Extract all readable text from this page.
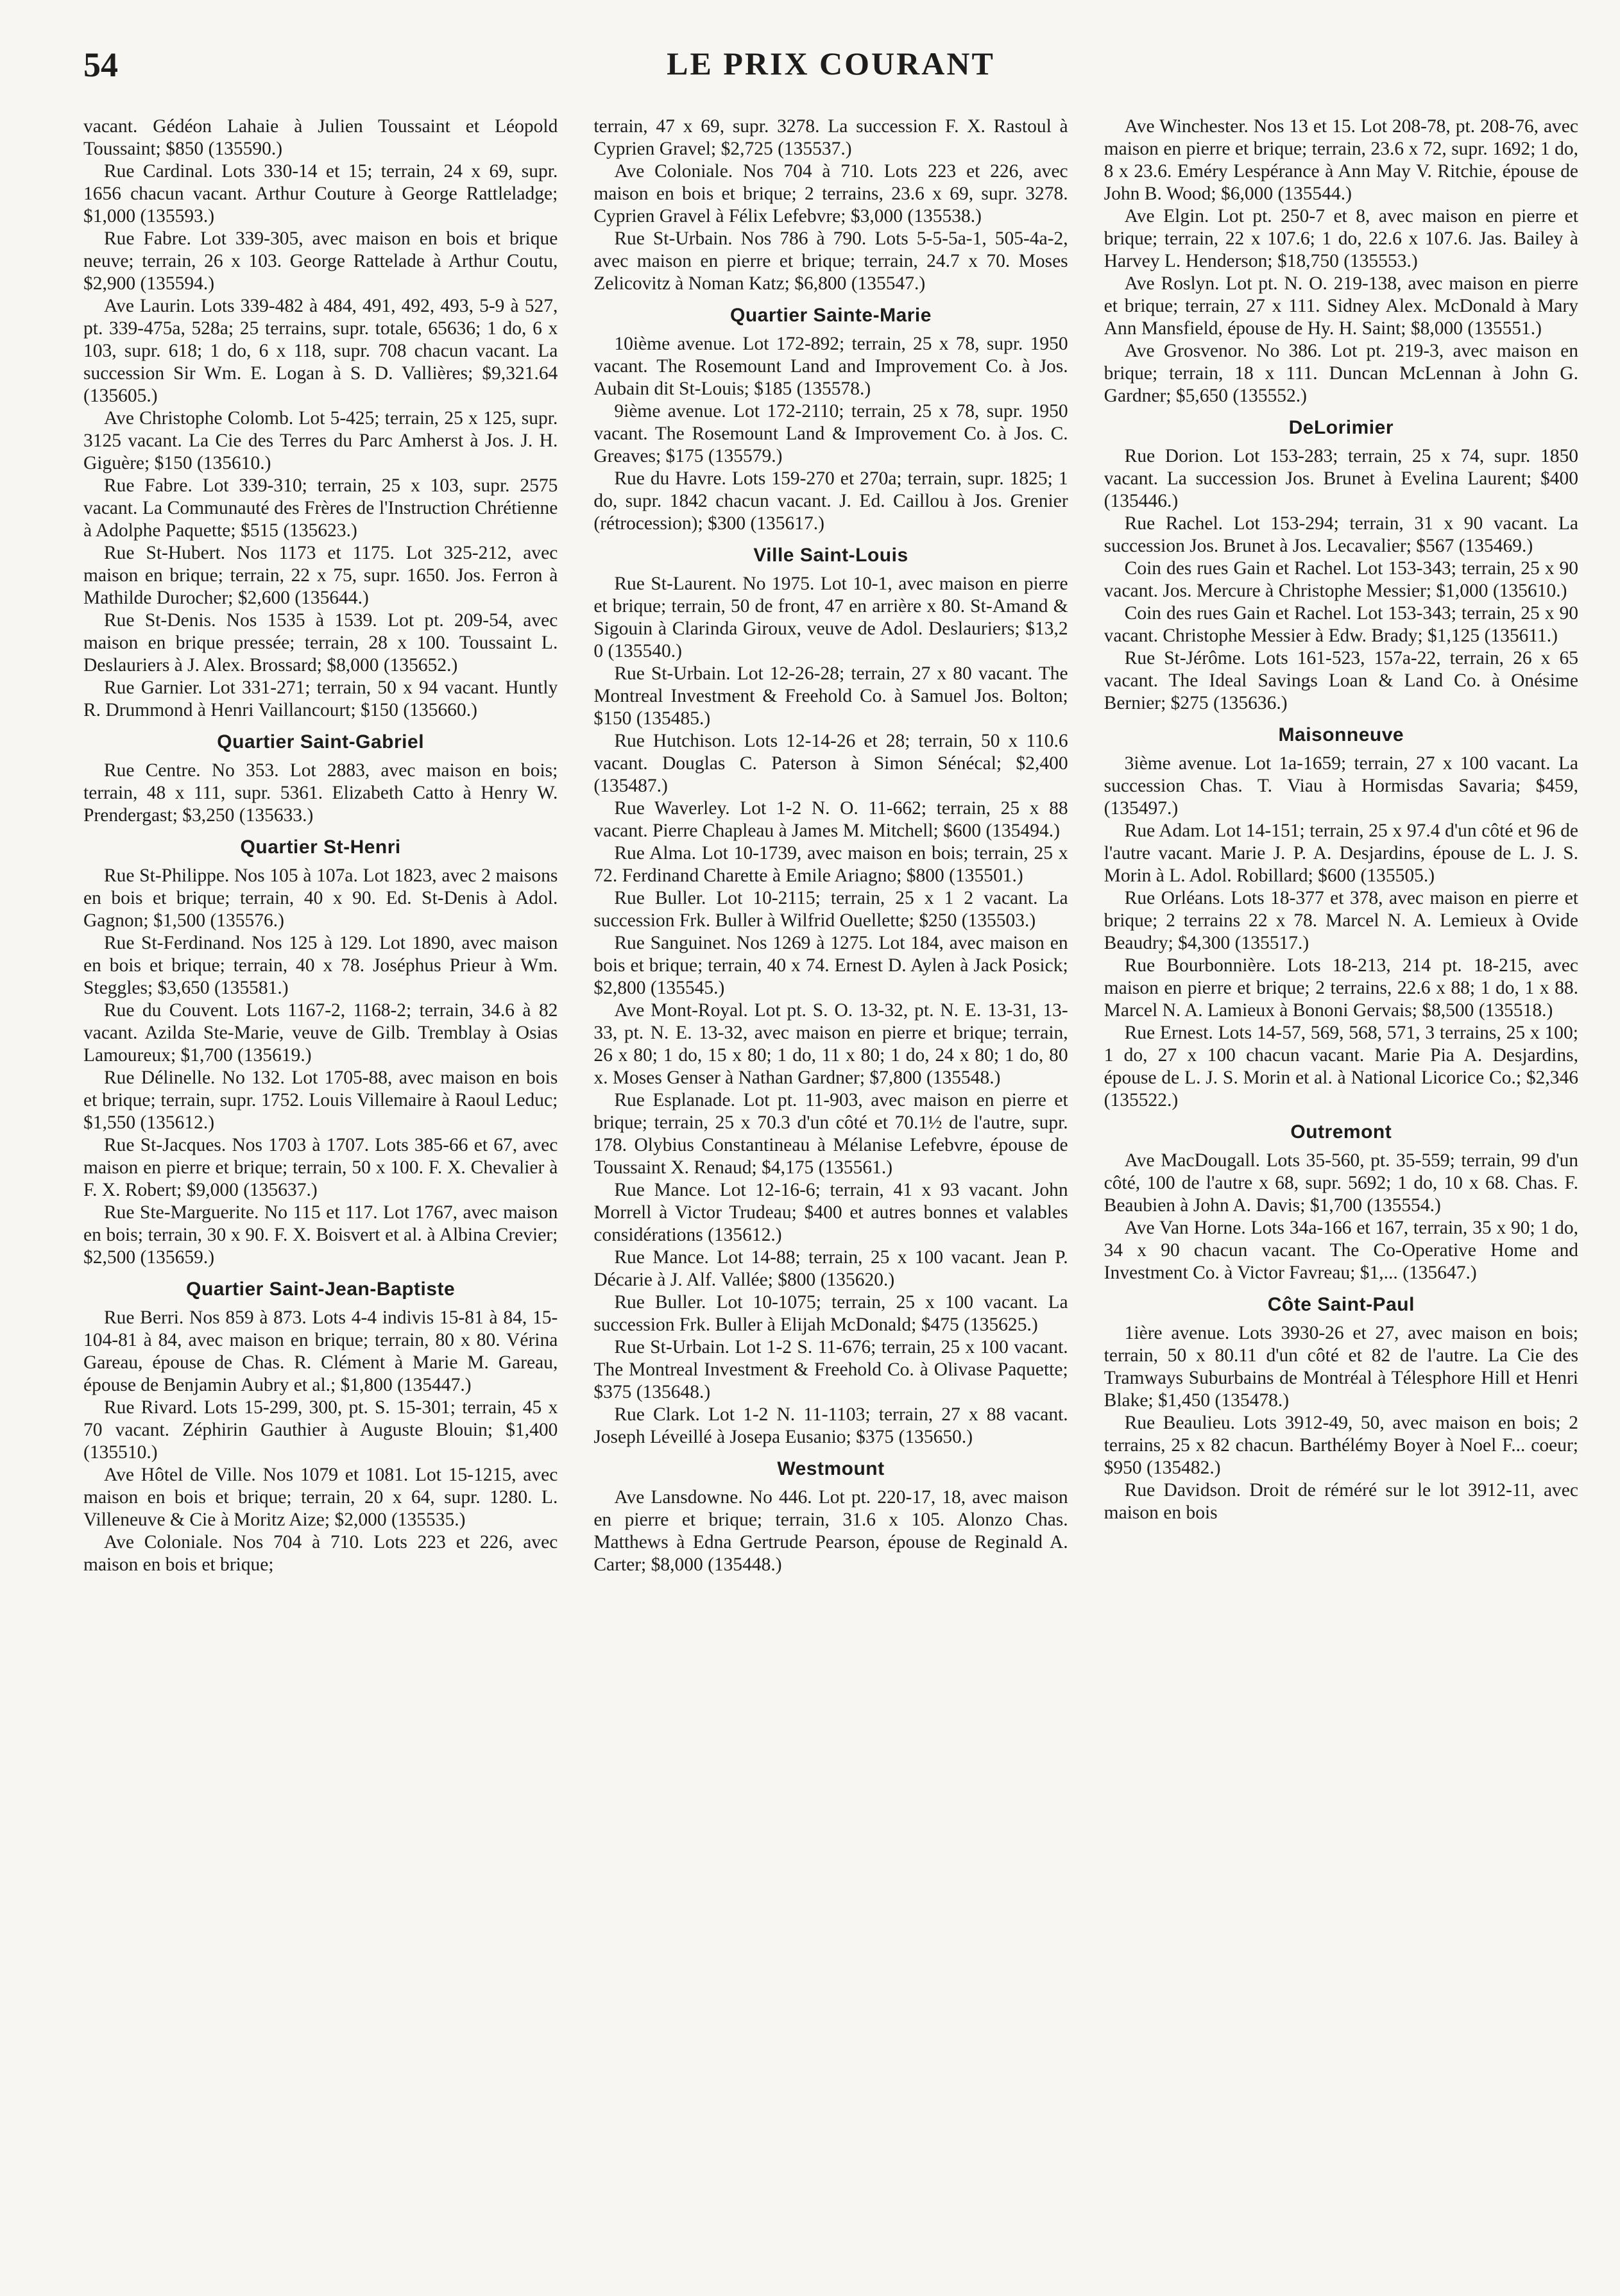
54	LE PRIX COURANT

vacant. Gédéon Lahaie à Julien Toussaint et Léopold Toussaint; $850 (135590.)

Rue Cardinal. Lots 330-14 et 15; terrain, 24 x 69, supr. 1656 chacun vacant. Arthur Couture à George Rattleladge; $1,000 (135593.)

Rue Fabre. Lot 339-305, avec maison en bois et brique neuve; terrain, 26 x 103. George Rattelade à Arthur Coutu, $2,900 (135594.)

Ave Laurin. Lots 339-482 à 484, 491, 492, 493, 5-9 à 527, pt. 339-475a, 528a; 25 terrains, supr. totale, 65636; 1 do, 6 x 103, supr. 618; 1 do, 6 x 118, supr. 708 chacun vacant. La succession Sir Wm. E. Logan à S. D. Vallières; $9,321.64 (135605.)

Ave Christophe Colomb. Lot 5-425; terrain, 25 x 125, supr. 3125 vacant. La Cie des Terres du Parc Amherst à Jos. J. H. Giguère; $150 (135610.)

Rue Fabre. Lot 339-310; terrain, 25 x 103, supr. 2575 vacant. La Communauté des Frères de l'Instruction Chrétienne à Adolphe Paquette; $515 (135623.)

Rue St-Hubert. Nos 1173 et 1175. Lot 325-212, avec maison en brique; terrain, 22 x 75, supr. 1650. Jos. Ferron à Mathilde Durocher; $2,600 (135644.)

Rue St-Denis. Nos 1535 à 1539. Lot pt. 209-54, avec maison en brique pressée; terrain, 28 x 100. Toussaint L. Deslauriers à J. Alex. Brossard; $8,000 (135652.)

Rue Garnier. Lot 331-271; terrain, 50 x 94 vacant. Huntly R. Drummond à Henri Vaillancourt; $150 (135660.)

Quartier Saint-Gabriel

Rue Centre. No 353. Lot 2883, avec maison en bois; terrain, 48 x 111, supr. 5361. Elizabeth Catto à Henry W. Prendergast; $3,250 (135633.)

Quartier St-Henri

Rue St-Philippe. Nos 105 à 107a. Lot 1823, avec 2 maisons en bois et brique; terrain, 40 x 90. Ed. St-Denis à Adol. Gagnon; $1,500 (135576.)

Rue St-Ferdinand. Nos 125 à 129. Lot 1890, avec maison en bois et brique; terrain, 40 x 78. Joséphus Prieur à Wm. Steggles; $3,650 (135581.)

Rue du Couvent. Lots 1167-2, 1168-2; terrain, 34.6 à 82 vacant. Azilda Ste-Marie, veuve de Gilb. Tremblay à Osias Lamoureux; $1,700 (135619.)

Rue Délinelle. No 132. Lot 1705-88, avec maison en bois et brique; terrain, supr. 1752. Louis Villemaire à Raoul Leduc; $1,550 (135612.)

Rue St-Jacques. Nos 1703 à 1707. Lots 385-66 et 67, avec maison en pierre et brique; terrain, 50 x 100. F. X. Chevalier à F. X. Robert; $9,000 (135637.)

Rue Ste-Marguerite. No 115 et 117. Lot 1767, avec maison en bois; terrain, 30 x 90. F. X. Boisvert et al. à Albina Crevier; $2,500 (135659.)

Quartier Saint-Jean-Baptiste

Rue Berri. Nos 859 à 873. Lots 4-4 indivis 15-81 à 84, 15-104-81 à 84, avec maison en brique; terrain, 80 x 80. Vérina Gareau, épouse de Chas. R. Clément à Marie M. Gareau, épouse de Benjamin Aubry et al.; $1,800 (135447.)

Rue Rivard. Lots 15-299, 300, pt. S. 15-301; terrain, 45 x 70 vacant. Zéphirin Gauthier à Auguste Blouin; $1,400 (135510.)

Ave Hôtel de Ville. Nos 1079 et 1081. Lot 15-1215, avec maison en bois et brique; terrain, 20 x 64, supr. 1280. L. Villeneuve & Cie à Moritz Aize; $2,000 (135535.)

Ave Coloniale. Nos 704 à 710. Lots 223 et 226, avec maison en bois et brique;

terrain, 47 x 69, supr. 3278. La succession F. X. Rastoul à Cyprien Gravel; $2,725 (135537.)

Ave Coloniale. Nos 704 à 710. Lots 223 et 226, avec maison en bois et brique; 2 terrains, 23.6 x 69, supr. 3278. Cyprien Gravel à Félix Lefebvre; $3,000 (135538.)

Rue St-Urbain. Nos 786 à 790. Lots 5-5-5a-1, 505-4a-2, avec maison en pierre et brique; terrain, 24.7 x 70. Moses Zelicovitz à Noman Katz; $6,800 (135547.)

Quartier Sainte-Marie

10ième avenue. Lot 172-892; terrain, 25 x 78, supr. 1950 vacant. The Rosemount Land and Improvement Co. à Jos. Aubain dit St-Louis; $185 (135578.)

9ième avenue. Lot 172-2110; terrain, 25 x 78, supr. 1950 vacant. The Rosemount Land & Improvement Co. à Jos. C. Greaves; $175 (135579.)

Rue du Havre. Lots 159-270 et 270a; terrain, supr. 1825; 1 do, supr. 1842 chacun vacant. J. Ed. Caillou à Jos. Grenier (rétrocession); $300 (135617.)

Ville Saint-Louis

Rue St-Laurent. No 1975. Lot 10-1, avec maison en pierre et brique; terrain, 50 de front, 47 en arrière x 80. St-Amand & Sigouin à Clarinda Giroux, veuve de Adol. Deslauriers; $13,2 0 (135540.)

Rue St-Urbain. Lot 12-26-28; terrain, 27 x 80 vacant. The Montreal Investment & Freehold Co. à Samuel Jos. Bolton; $150 (135485.)

Rue Hutchison. Lots 12-14-26 et 28; terrain, 50 x 110.6 vacant. Douglas C. Paterson à Simon Sénécal; $2,400 (135487.)

Rue Waverley. Lot 1-2 N. O. 11-662; terrain, 25 x 88 vacant. Pierre Chapleau à James M. Mitchell; $600 (135494.)

Rue Alma. Lot 10-1739, avec maison en bois; terrain, 25 x 72. Ferdinand Charette à Emile Ariagno; $800 (135501.)

Rue Buller. Lot 10-2115; terrain, 25 x 1 2 vacant. La succession Frk. Buller à Wilfrid Ouellette; $250 (135503.)

Rue Sanguinet. Nos 1269 à 1275. Lot 184, avec maison en bois et brique; terrain, 40 x 74. Ernest D. Aylen à Jack Posick; $2,800 (135545.)

Ave Mont-Royal. Lot pt. S. O. 13-32, pt. N. E. 13-31, 13-33, pt. N. E. 13-32, avec maison en pierre et brique; terrain, 26 x 80; 1 do, 15 x 80; 1 do, 11 x 80; 1 do, 24 x 80; 1 do, 80 x. Moses Genser à Nathan Gardner; $7,800 (135548.)

Rue Esplanade. Lot pt. 11-903, avec maison en pierre et brique; terrain, 25 x 70.3 d'un côté et 70.1½ de l'autre, supr. 178. Olybius Constantineau à Mélanise Lefebvre, épouse de Toussaint X. Renaud; $4,175 (135561.)

Rue Mance. Lot 12-16-6; terrain, 41 x 93 vacant. John Morrell à Victor Trudeau; $400 et autres bonnes et valables considérations (135612.)

Rue Mance. Lot 14-88; terrain, 25 x 100 vacant. Jean P. Décarie à J. Alf. Vallée; $800 (135620.)

Rue Buller. Lot 10-1075; terrain, 25 x 100 vacant. La succession Frk. Buller à Elijah McDonald; $475 (135625.)

Rue St-Urbain. Lot 1-2 S. 11-676; terrain, 25 x 100 vacant. The Montreal Investment & Freehold Co. à Olivase Paquette; $375 (135648.)

Rue Clark. Lot 1-2 N. 11-1103; terrain, 27 x 88 vacant. Joseph Léveillé à Josepa Eusanio; $375 (135650.)

Westmount

Ave Lansdowne. No 446. Lot pt. 220-17, 18, avec maison en pierre et brique; terrain, 31.6 x 105. Alonzo Chas. Matthews à Edna Gertrude Pearson, épouse de Reginald A. Carter; $8,000 (135448.)

Ave Winchester. Nos 13 et 15. Lot 208-78, pt. 208-76, avec maison en pierre et brique; terrain, 23.6 x 72, supr. 1692; 1 do, 8 x 23.6. Eméry Lespérance à Ann May V. Ritchie, épouse de John B. Wood; $6,000 (135544.)

Ave Elgin. Lot pt. 250-7 et 8, avec maison en pierre et brique; terrain, 22 x 107.6; 1 do, 22.6 x 107.6. Jas. Bailey à Harvey L. Henderson; $18,750 (135553.)

Ave Roslyn. Lot pt. N. O. 219-138, avec maison en pierre et brique; terrain, 27 x 111. Sidney Alex. McDonald à Mary Ann Mansfield, épouse de Hy. H. Saint; $8,000 (135551.)

Ave Grosvenor. No 386. Lot pt. 219-3, avec maison en brique; terrain, 18 x 111. Duncan McLennan à John G. Gardner; $5,650 (135552.)

DeLorimier

Rue Dorion. Lot 153-283; terrain, 25 x 74, supr. 1850 vacant. La succession Jos. Brunet à Evelina Laurent; $400 (135446.)

Rue Rachel. Lot 153-294; terrain, 31 x 90 vacant. La succession Jos. Brunet à Jos. Lecavalier; $567 (135469.)

Coin des rues Gain et Rachel. Lot 153-343; terrain, 25 x 90 vacant. Jos. Mercure à Christophe Messier; $1,000 (135610.)

Coin des rues Gain et Rachel. Lot 153-343; terrain, 25 x 90 vacant. Christophe Messier à Edw. Brady; $1,125 (135611.)

Rue St-Jérôme. Lots 161-523, 157a-22, terrain, 26 x 65 vacant. The Ideal Savings Loan & Land Co. à Onésime Bernier; $275 (135636.)

Maisonneuve

3ième avenue. Lot 1a-1659; terrain, 27 x 100 vacant. La succession Chas. T. Viau à Hormisdas Savaria; $459, (135497.)

Rue Adam. Lot 14-151; terrain, 25 x 97.4 d'un côté et 96 de l'autre vacant. Marie J. P. A. Desjardins, épouse de L. J. S. Morin à L. Adol. Robillard; $600 (135505.)

Rue Orléans. Lots 18-377 et 378, avec maison en pierre et brique; 2 terrains 22 x 78. Marcel N. A. Lemieux à Ovide Beaudry; $4,300 (135517.)

Rue Bourbonnière. Lots 18-213, 214 pt. 18-215, avec maison en pierre et brique; 2 terrains, 22.6 x 88; 1 do, 1 x 88. Marcel N. A. Lamieux à Bononi Gervais; $8,500 (135518.)

Rue Ernest. Lots 14-57, 569, 568, 571, 3 terrains, 25 x 100; 1 do, 27 x 100 chacun vacant. Marie Pia A. Desjardins, épouse de L. J. S. Morin et al. à National Licorice Co.; $2,346 (135522.)

Outremont

Ave MacDougall. Lots 35-560, pt. 35-559; terrain, 99 d'un côté, 100 de l'autre x 68, supr. 5692; 1 do, 10 x 68. Chas. F. Beaubien à John A. Davis; $1,700 (135554.)

Ave Van Horne. Lots 34a-166 et 167, terrain, 35 x 90; 1 do, 34 x 90 chacun vacant. The Co-Operative Home and Investment Co. à Victor Favreau; $1,... (135647.)

Côte Saint-Paul

1ière avenue. Lots 3930-26 et 27, avec maison en bois; terrain, 50 x 80.11 d'un côté et 82 de l'autre. La Cie des Tramways Suburbains de Montréal à Télesphore Hill et Henri Blake; $1,450 (135478.)

Rue Beaulieu. Lots 3912-49, 50, avec maison en bois; 2 terrains, 25 x 82 chacun. Barthélémy Boyer à Noel F... coeur; $950 (135482.)

Rue Davidson. Droit de réméré sur le lot 3912-11, avec maison en bois
